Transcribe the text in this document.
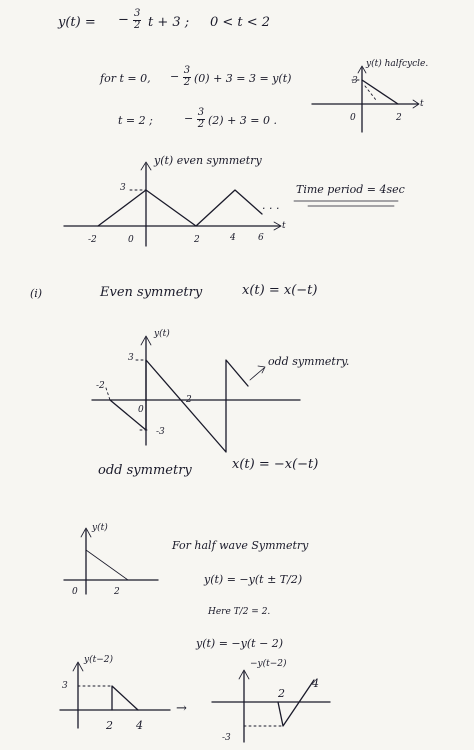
y(t) = − $\frac{3}{2}$ t + 3 ; 0 < t < 2
for t = 0, − $\frac{3}{2} (0) + 3 = 3 = y(t)$
t = 2 ;	− $\frac{3}{2} (2) + 3 = 0$ .
3
y(t) halfcycle.
0	2
t
y(t) even symmetry
3
-2	0	2	4 6
t
. . .
Time period = 4sec
(i)	Even symmetry	x(t) = x(−t)
y(t)
3
-3
-2
0
2
odd symmetry.
odd symmetry	x(t) = −x(−t)
y(t)
0	2
For half wave Symmetry
y(t) = −y(t ± T/2)
Here T/2 = 2.
y(t) = −y(t − 2)
y(t−2)
3
2 4
→
−y(t−2)
-3
2
4
